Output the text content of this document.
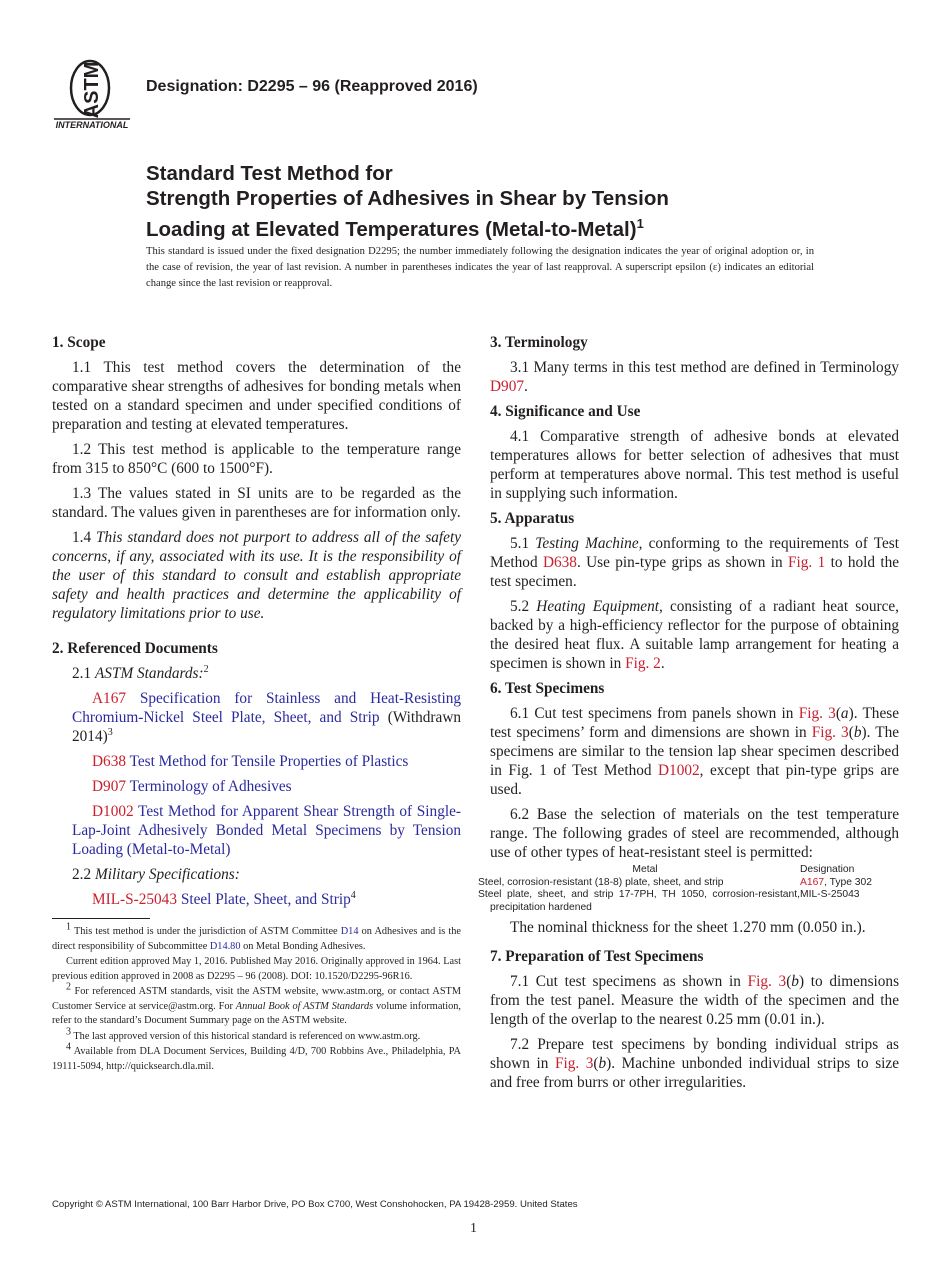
ASTM
INTERNATIONAL
Designation: D2295 – 96 (Reapproved 2016)
Standard Test Method for
Strength Properties of Adhesives in Shear by Tension
Loading at Elevated Temperatures (Metal-to-Metal)$^1$
This standard is issued under the fixed designation D2295; the number immediately following the designation indicates the year of original adoption or, in the case of revision, the year of last revision. A number in parentheses indicates the year of last reapproval. A superscript epsilon (ε) indicates an editorial change since the last revision or reapproval.
1. Scope

1.1 This test method covers the determination of the comparative shear strengths of adhesives for bonding metals when tested on a standard specimen and under specified conditions of preparation and testing at elevated temperatures.

1.2 This test method is applicable to the temperature range from 315 to 850°C (600 to 1500°F).

1.3 The values stated in SI units are to be regarded as the standard. The values given in parentheses are for information only.

1.4 This standard does not purport to address all of the safety concerns, if any, associated with its use. It is the responsibility of the user of this standard to consult and establish appropriate safety and health practices and determine the applicability of regulatory limitations prior to use.

2. Referenced Documents

2.1 ASTM Standards:$^2$

A167 Specification for Stainless and Heat-Resisting Chromium-Nickel Steel Plate, Sheet, and Strip (Withdrawn 2014)$^3$

D638 Test Method for Tensile Properties of Plastics

D907 Terminology of Adhesives

D1002 Test Method for Apparent Shear Strength of Single-Lap-Joint Adhesively Bonded Metal Specimens by Tension Loading (Metal-to-Metal)

2.2 Military Specifications:

MIL-S-25043 Steel Plate, Sheet, and Strip$^4$

1 This test method is under the jurisdiction of ASTM Committee D14 on Adhesives and is the direct responsibility of Subcommittee D14.80 on Metal Bonding Adhesives.

Current edition approved May 1, 2016. Published May 2016. Originally approved in 1964. Last previous edition approved in 2008 as D2295 – 96 (2008). DOI: 10.1520/D2295-96R16.

2 For referenced ASTM standards, visit the ASTM website, www.astm.org, or contact ASTM Customer Service at service@astm.org. For Annual Book of ASTM Standards volume information, refer to the standard’s Document Summary page on the ASTM website.

3 The last approved version of this historical standard is referenced on www.astm.org.

4 Available from DLA Document Services, Building 4/D, 700 Robbins Ave., Philadelphia, PA 19111-5094, http://quicksearch.dla.mil.

3. Terminology

3.1 Many terms in this test method are defined in Terminology D907.

4. Significance and Use

4.1 Comparative strength of adhesive bonds at elevated temperatures allows for better selection of adhesives that must perform at temperatures above normal. This test method is useful in supplying such information.

5. Apparatus

5.1 Testing Machine, conforming to the requirements of Test Method D638. Use pin-type grips as shown in Fig. 1 to hold the test specimen.

5.2 Heating Equipment, consisting of a radiant heat source, backed by a high-efficiency reflector for the purpose of obtaining the desired heat flux. A suitable lamp arrangement for heating a specimen is shown in Fig. 2.

6. Test Specimens

6.1 Cut test specimens from panels shown in Fig. 3(a). These test specimens’ form and dimensions are shown in Fig. 3(b). The specimens are similar to the tension lap shear specimen described in Fig. 1 of Test Method D1002, except that pin-type grips are used.

6.2 Base the selection of materials on the test temperature range. The following grades of steel are recommended, although use of other types of heat-resistant steel is permitted:

Metal	Designation
Steel, corrosion-resistant (18-8) plate, sheet, and strip	A167, Type 302
Steel plate, sheet, and strip 17-7PH, TH 1050, corrosion-resistant, precipitation hardened	MIL-S-25043

The nominal thickness for the sheet 1.270 mm (0.050 in.).

7. Preparation of Test Specimens

7.1 Cut test specimens as shown in Fig. 3(b) to dimensions from the test panel. Measure the width of the specimen and the length of the overlap to the nearest 0.25 mm (0.01 in.).

7.2 Prepare test specimens by bonding individual strips as shown in Fig. 3(b). Machine unbonded individual strips to size and free from burrs or other irregularities.

Copyright © ASTM International, 100 Barr Harbor Drive, PO Box C700, West Conshohocken, PA 19428-2959. United States
1
